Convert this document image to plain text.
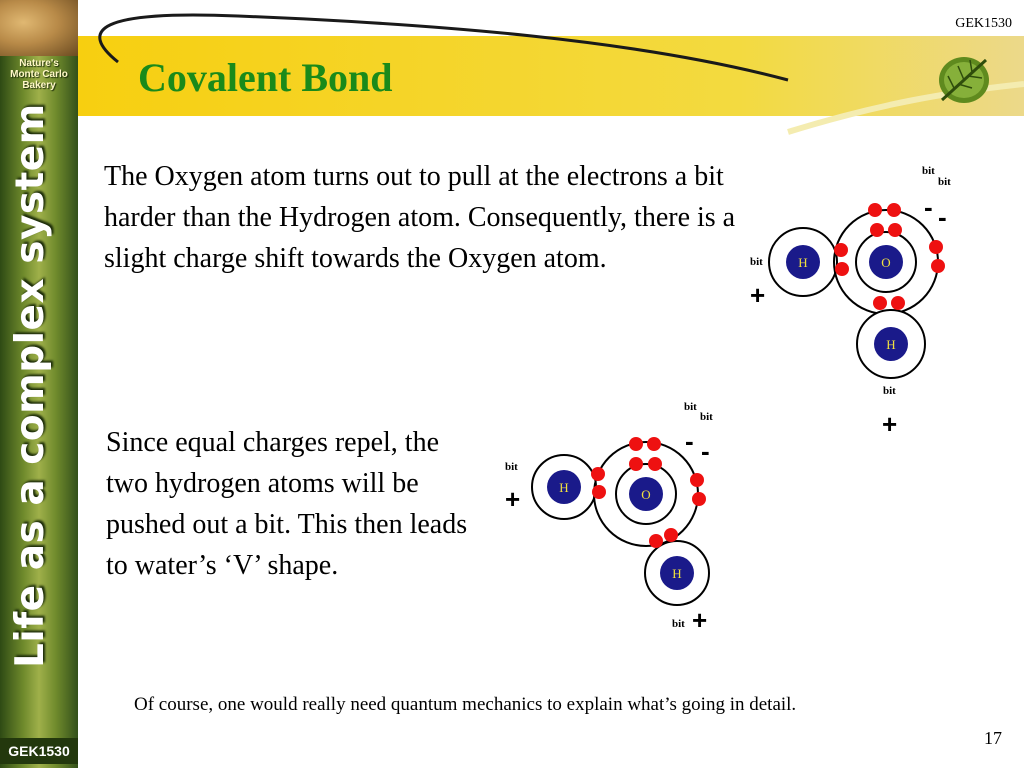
Nature's
Monte Carlo
Bakery
Life as a complex system
GEK1530
GEK1530
Covalent Bond

The Oxygen atom turns out to pull at the electrons a bit harder than the Hydrogen atom. Consequently, there is a slight charge shift towards the Oxygen atom.

Since equal charges repel, the two hydrogen atoms will be pushed out a bit. This then leads to water’s ‘V’ shape.

Of course, one would really need quantum mechanics to explain what’s going in detail.
17
H	O
H
bit
bit
- -
bit
+
bit
+
H	O
H
bit
bit
- -
bit
+
bit +
